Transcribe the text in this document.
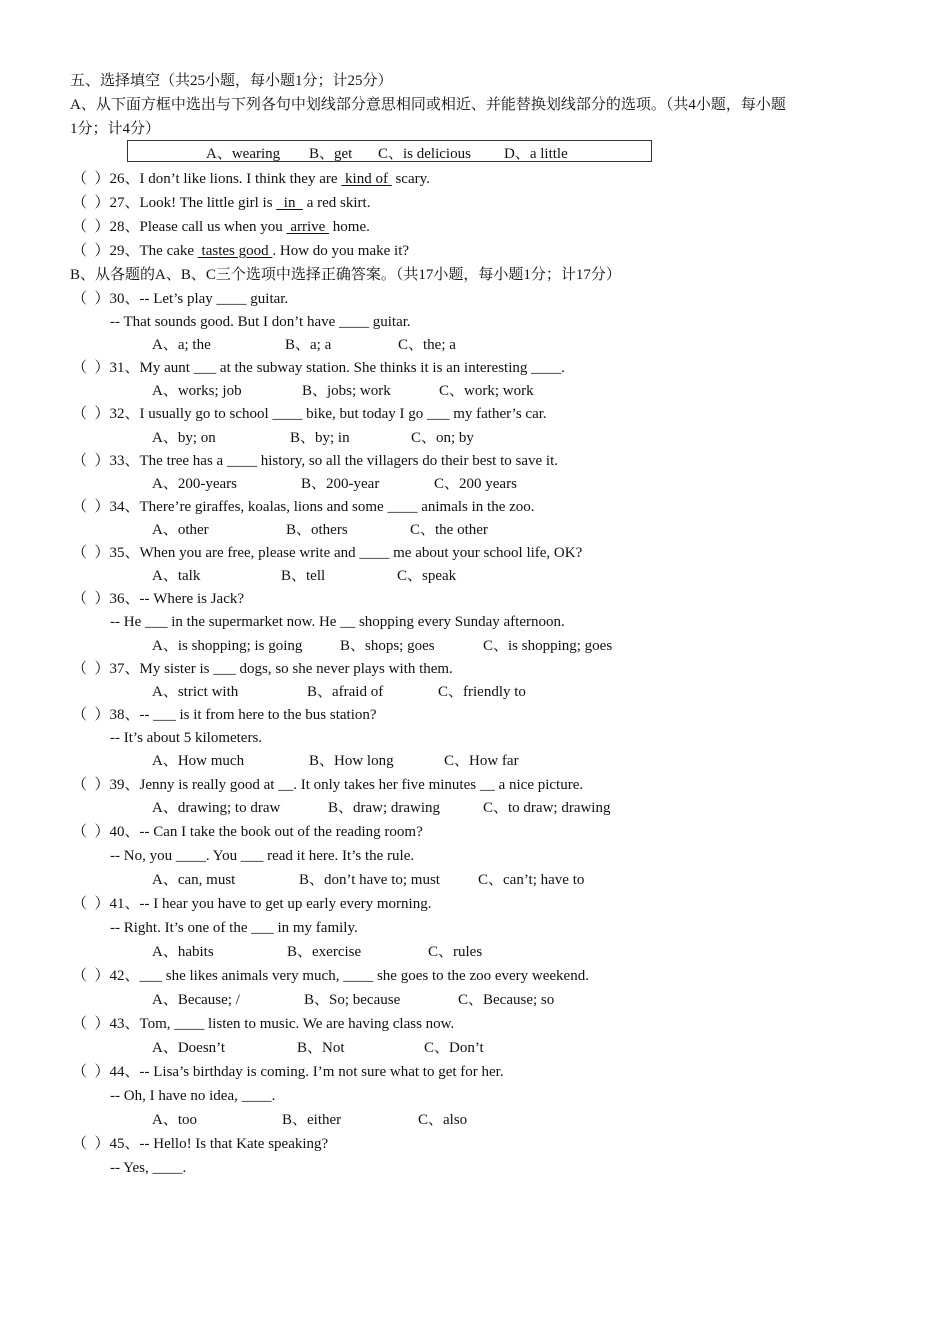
五、选择填空（共25小题，每小题1分；计25分）
A、从下面方框中选出与下列各句中划线部分意思相同或相近、并能替换划线部分的选项。（共4小题，每小题
1分；计4分）
A、wearing B、get C、is delicious D、a little
（  ）26、I don’t like lions. I think they are  kind of  scary.
（  ）27、Look! The little girl is   in   a red skirt.
（  ）28、Please call us when you  arrive  home.
（  ）29、The cake  tastes good . How do you make it?
B、从各题的A、B、C三个选项中选择正确答案。（共17小题，每小题1分；计17分）
（  ）30、-- Let’s play ____ guitar.
-- That sounds good. But I don’t have ____ guitar.
A、a; the	B、a; a	C、the; a
（  ）31、My aunt ___ at the subway station. She thinks it is an interesting ____.
A、works; job	B、jobs; work	C、work; work
（  ）32、I usually go to school ____ bike, but today I go ___ my father’s car.
A、by; on	B、by; in	C、on; by
（  ）33、The tree has a ____ history, so all the villagers do their best to save it.
A、200-years	B、200-year	C、200 years
（  ）34、There’re giraffes, koalas, lions and some ____ animals in the zoo.
A、other	B、others	C、the other
（  ）35、When you are free, please write and ____ me about your school life, OK?
A、talk	B、tell	C、speak
（  ）36、-- Where is Jack?
-- He ___ in the supermarket now. He __ shopping every Sunday afternoon.
A、is shopping; is going	B、shops; goes	C、is shopping; goes
（  ）37、My sister is ___ dogs, so she never plays with them.
A、strict with	B、afraid of	C、friendly to
（  ）38、-- ___ is it from here to the bus station?
-- It’s about 5 kilometers.
A、How much	B、How long	C、How far
（  ）39、Jenny is really good at __. It only takes her five minutes __ a nice picture.
A、drawing; to draw	B、draw; drawing	C、to draw; drawing
（  ）40、-- Can I take the book out of the reading room?
-- No, you ____. You ___ read it here. It’s the rule.
A、can, must	B、don’t have to; must	C、can’t; have to
（  ）41、-- I hear you have to get up early every morning.
-- Right. It’s one of the ___ in my family.
A、habits	B、exercise	C、rules
（  ）42、___ she likes animals very much, ____ she goes to the zoo every weekend.
A、Because; /	B、So; because	C、Because; so
（  ）43、Tom, ____ listen to music. We are having class now.
A、Doesn’t	B、Not	C、Don’t
（  ）44、-- Lisa’s birthday is coming. I’m not sure what to get for her.
-- Oh, I have no idea, ____.
A、too	B、either	C、also
（  ）45、-- Hello! Is that Kate speaking?
-- Yes, ____.
